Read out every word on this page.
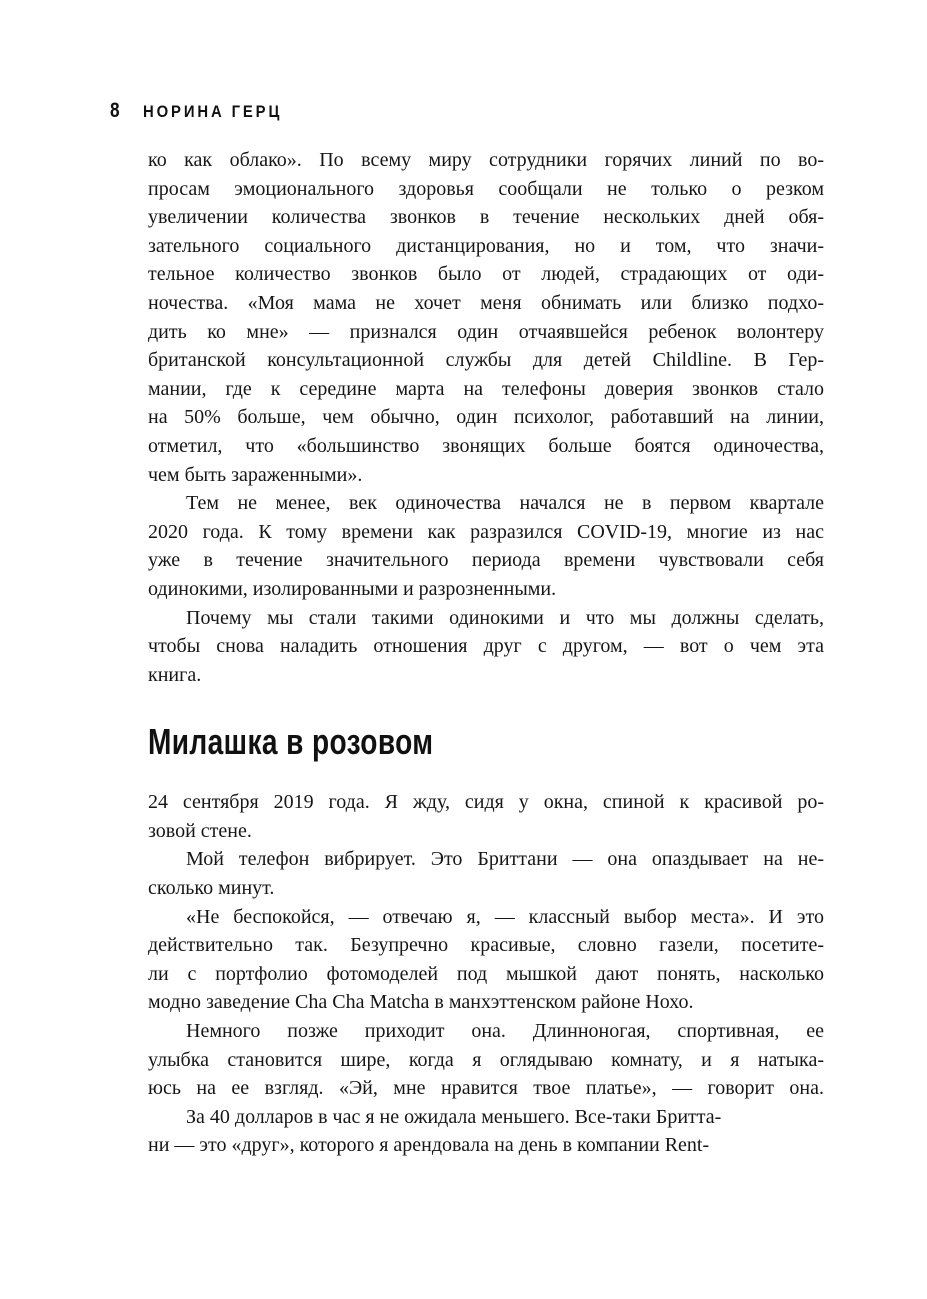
8 НОРИНА ГЕРЦ
ко как облако». По всему миру сотрудники горячих линий по во-
просам эмоционального здоровья сообщали не только о резком
увеличении количества звонков в течение нескольких дней обя-
зательного социального дистанцирования, но и том, что значи-
тельное количество звонков было от людей, страдающих от оди-
ночества. «Моя мама не хочет меня обнимать или близко подхо-
дить ко мне» — признался один отчаявшейся ребенок волонтеру
британской консультационной службы для детей Childline. В Гер-
мании, где к середине марта на телефоны доверия звонков стало
на 50% больше, чем обычно, один психолог, работавший на линии,
отметил, что «большинство звонящих больше боятся одиночества,
чем быть зараженными».
Тем не менее, век одиночества начался не в первом квартале
2020 года. К тому времени как разразился COVID-19, многие из нас
уже в течение значительного периода времени чувствовали себя
одинокими, изолированными и разрозненными.
Почему мы стали такими одинокими и что мы должны сделать,
чтобы снова наладить отношения друг с другом, — вот о чем эта
книга.
Милашка в розовом
24 сентября 2019 года. Я жду, сидя у окна, спиной к красивой ро-
зовой стене.
Мой телефон вибрирует. Это Бриттани — она опаздывает на не-
сколько минут.
«Не беспокойся, — отвечаю я, — классный выбор места». И это
действительно так. Безупречно красивые, словно газели, посетите-
ли с портфолио фотомоделей под мышкой дают понять, насколько
модно заведение Cha Cha Matcha в манхэттенском районе Нохо.
Немного позже приходит она. Длинноногая, спортивная, ее
улыбка становится шире, когда я оглядываю комнату, и я натыка-
юсь на ее взгляд. «Эй, мне нравится твое платье», — говорит она.
За 40 долларов в час я не ожидала меньшего. Все-таки Бритта-
ни — это «друг», которого я арендовала на день в компании Rent-
